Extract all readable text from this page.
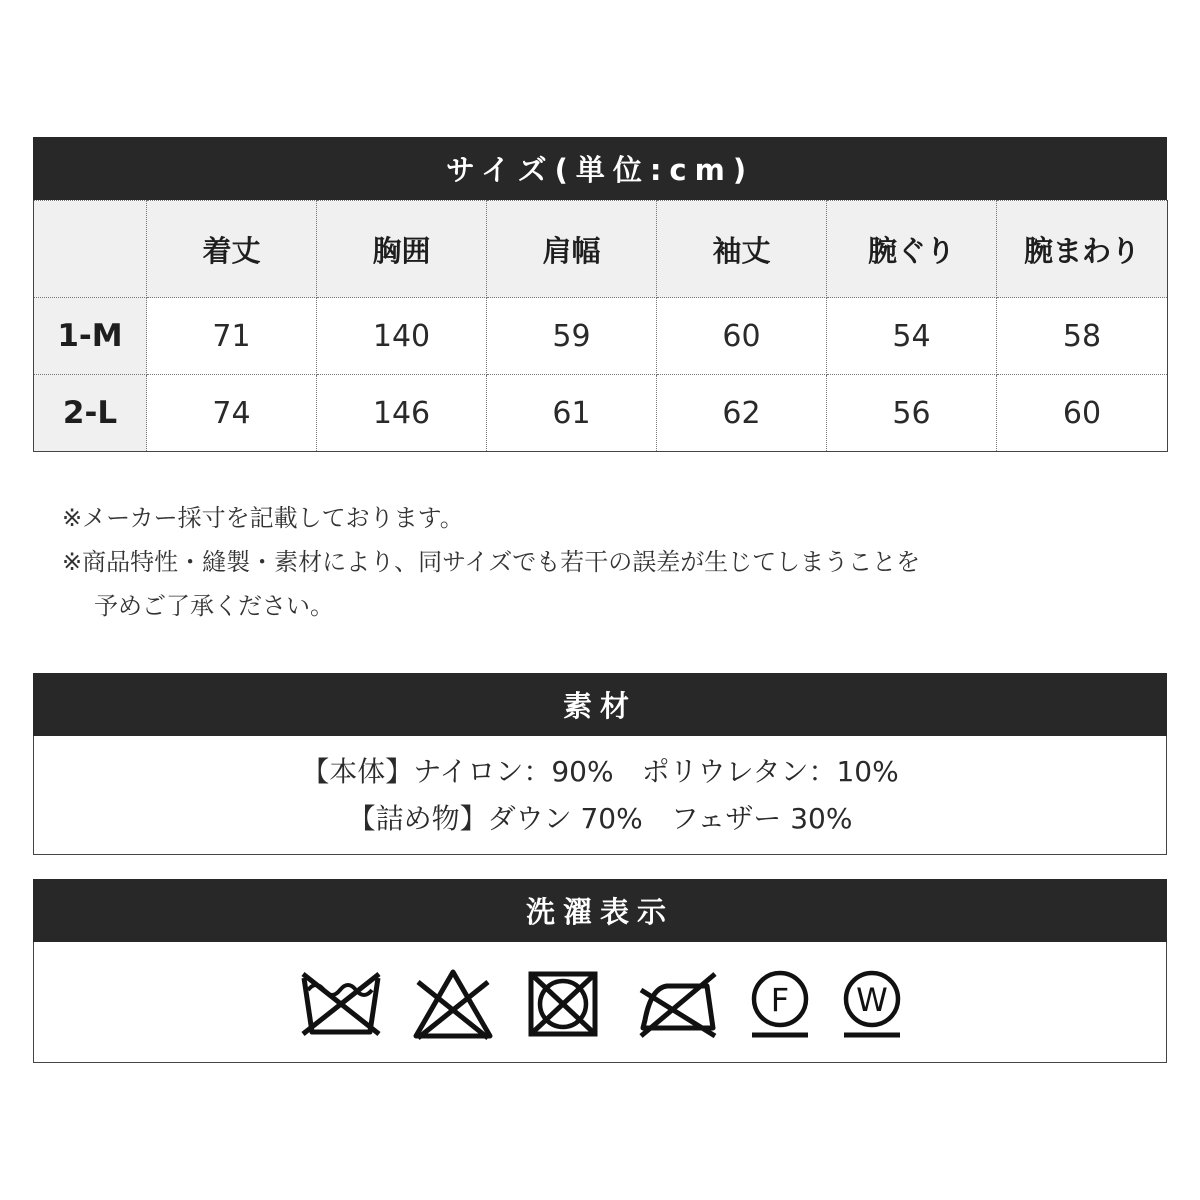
サイズ(単位:cm)
	着丈	胸囲	肩幅	袖丈	腕ぐり	腕まわり
1-M	71	140	59	60	54	58
2-L	74	146	61	62	56	60
※メーカー採寸を記載しております。
※商品特性・縫製・素材により、同サイズでも若干の誤差が生じてしまうことを
予めご了承ください。
素材
【本体】ナイロン：90%　ポリウレタン：10%
【詰め物】ダウン 70%　フェザー 30%
洗濯表示
F W
